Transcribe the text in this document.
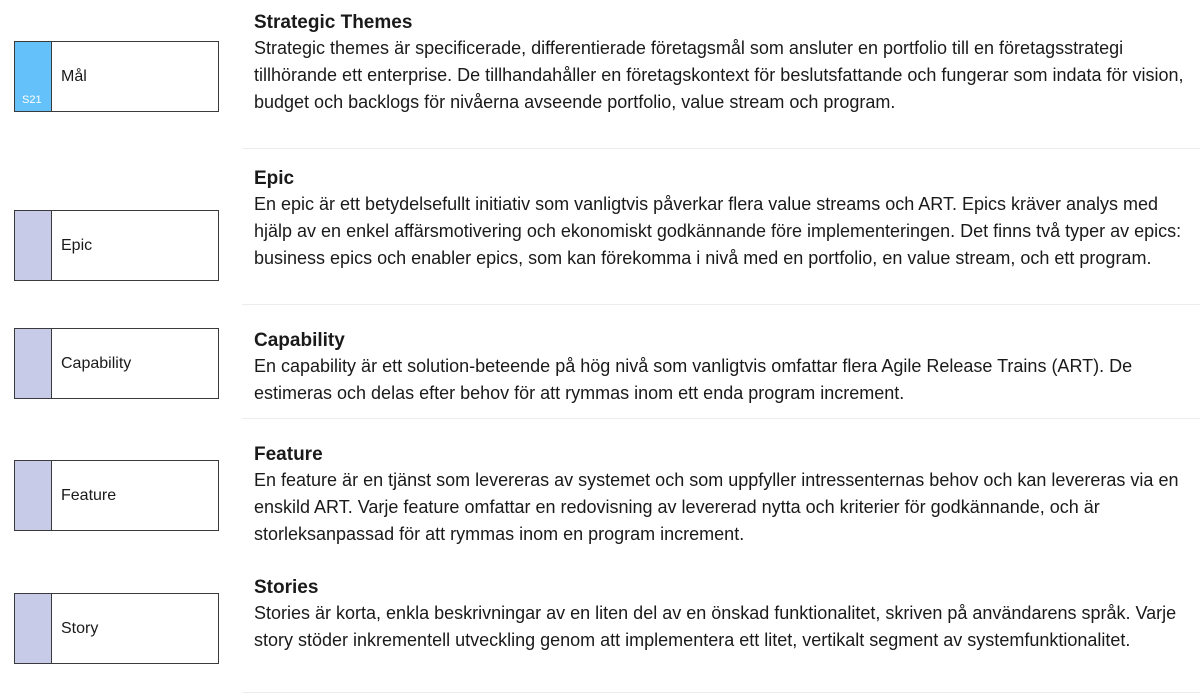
S21
Mål
Epic
Capability
Feature
Story
Strategic Themes

Strategic themes är specificerade, differentierade företagsmål som ansluter en portfolio till en företagsstrategi tillhörande ett enterprise. De tillhandahåller en företagskontext för beslutsfattande och fungerar som indata för vision, budget och backlogs för nivåerna avseende portfolio, value stream och program.

Epic

En epic är ett betydelsefullt initiativ som vanligtvis påverkar flera value streams och ART. Epics kräver analys med hjälp av en enkel affärsmotivering och ekonomiskt godkännande före implementeringen. Det finns två typer av epics: business epics och enabler epics, som kan förekomma i nivå med en portfolio, en value stream, och ett program.

Capability

En capability är ett solution-beteende på hög nivå som vanligtvis omfattar flera Agile Release Trains (ART). De estimeras och delas efter behov för att rymmas inom ett enda program increment.

Feature

En feature är en tjänst som levereras av systemet och som uppfyller intressenternas behov och kan levereras via en enskild ART. Varje feature omfattar en redovisning av levererad nytta och kriterier för godkännande, och är storleksanpassad för att rymmas inom en program increment.

Stories

Stories är korta, enkla beskrivningar av en liten del av en önskad funktionalitet, skriven på användarens språk. Varje story stöder inkrementell utveckling genom att implementera ett litet, vertikalt segment av systemfunktionalitet.
